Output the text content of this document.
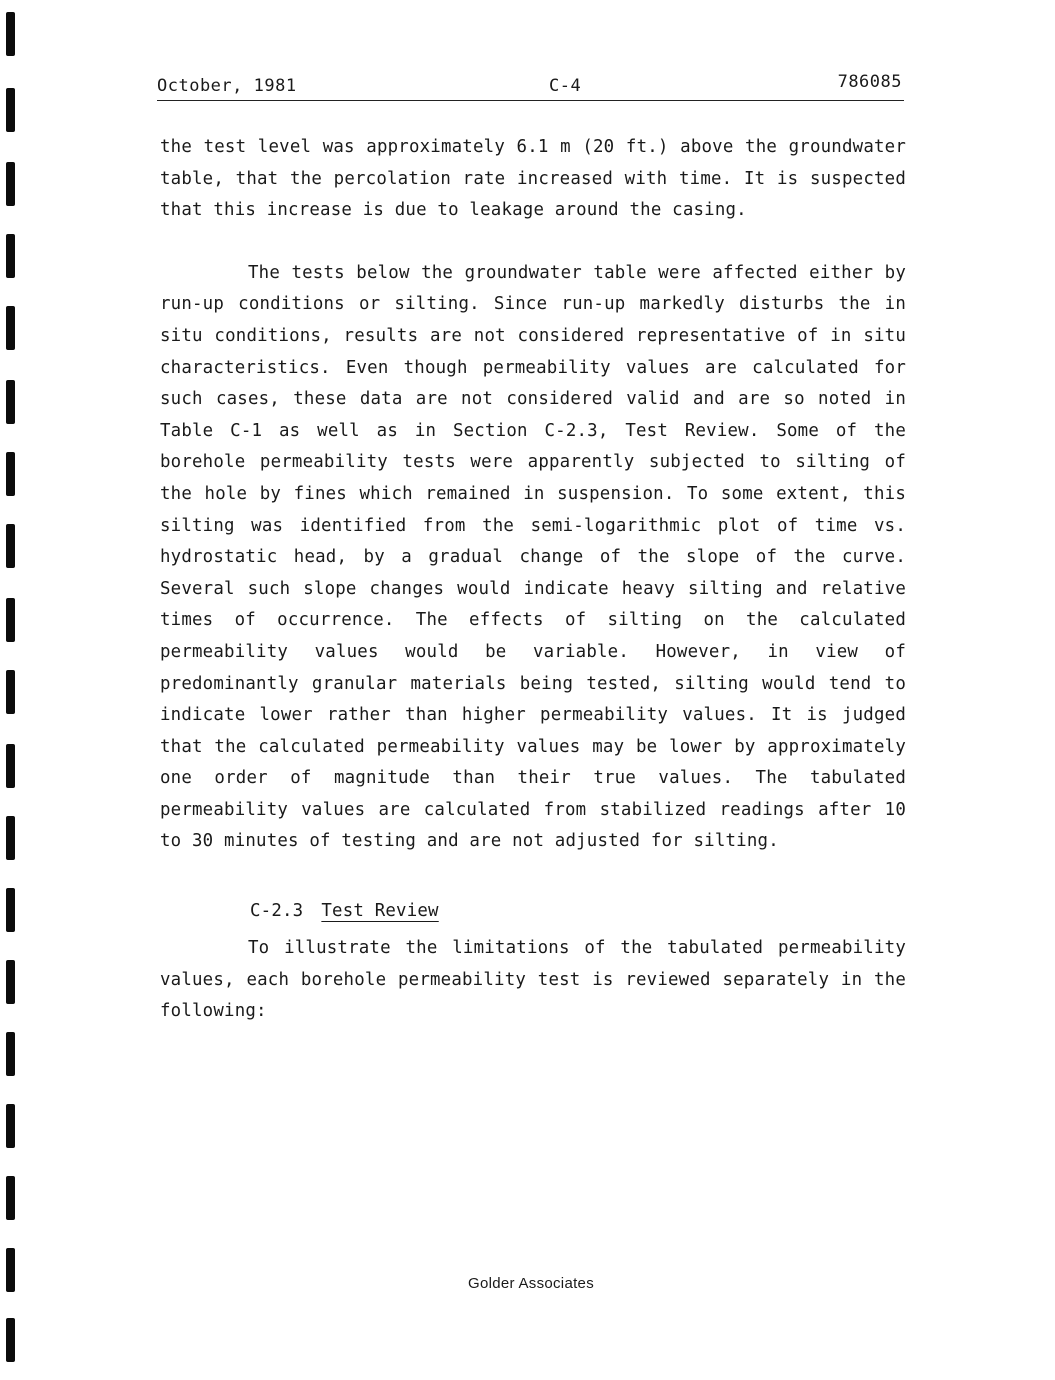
October, 1981	C-4	786085

the test level was approximately 6.1 m (20 ft.) above the groundwater table, that the percolation rate increased with time. It is suspected that this increase is due to leakage around the casing.

The tests below the groundwater table were affected either by run-up conditions or silting. Since run-up markedly disturbs the in situ conditions, results are not considered representative of in situ characteristics. Even though permeability values are calculated for such cases, these data are not considered valid and are so noted in Table C-1 as well as in Section C-2.3, Test Review. Some of the borehole permeability tests were apparently subjected to silting of the hole by fines which remained in suspension. To some extent, this silting was identified from the semi-logarithmic plot of time vs. hydrostatic head, by a gradual change of the slope of the curve. Several such slope changes would indicate heavy silting and relative times of occurrence. The effects of silting on the calculated permeability values would be variable. However, in view of predominantly granular materials being tested, silting would tend to indicate lower rather than higher permeability values. It is judged that the calculated permeability values may be lower by approximately one order of magnitude than their true values. The tabulated permeability values are calculated from stabilized readings after 10 to 30 minutes of testing and are not adjusted for silting.

C-2.3 Test Review

To illustrate the limitations of the tabulated permeability values, each borehole permeability test is reviewed separately in the following:

Golder Associates
